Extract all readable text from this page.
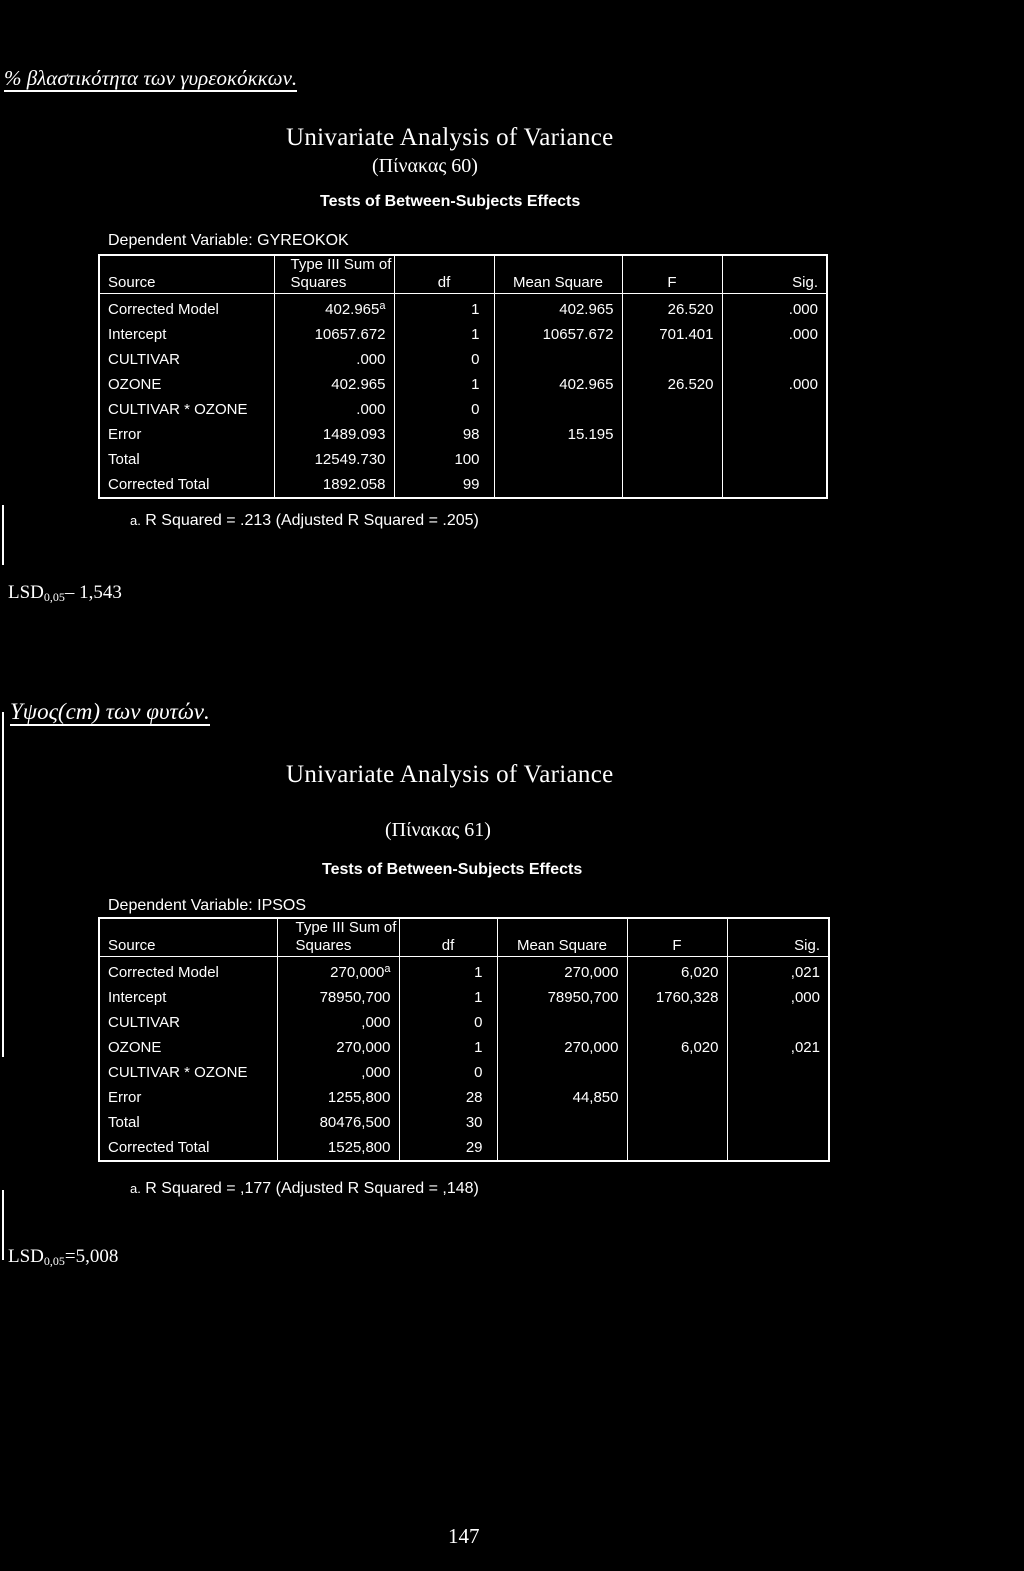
% βλαστικότητα των γυρεοκόκκων.
Univariate Analysis of Variance
(Πίνακας 60)
Tests of Between-Subjects Effects
Dependent Variable: GYREOKOK
Source	Type III Sum of Squares	df	Mean Square	F	Sig.
Corrected Model	402.965$^a$	1	402.965	26.520	.000
Intercept	10657.672	1	10657.672	701.401	.000
CULTIVAR	.000	0			
OZONE	402.965	1	402.965	26.520	.000
CULTIVAR * OZONE	.000	0			
Error	1489.093	98	15.195		
Total	12549.730	100			
Corrected Total	1892.058	99			
a. R Squared = .213 (Adjusted R Squared = .205)
$LSD_{0,05}-$ 1,543
Υψος(cm) των φυτών.
Univariate Analysis of Variance
(Πίνακας 61)
Tests of Between-Subjects Effects
Dependent Variable: IPSOS
Source	Type III Sum of Squares	df	Mean Square	F	Sig.
Corrected Model	270,000$^a$	1	270,000	6,020	,021
Intercept	78950,700	1	78950,700	1760,328	,000
CULTIVAR	,000	0			
OZONE	270,000	1	270,000	6,020	,021
CULTIVAR * OZONE	,000	0			
Error	1255,800	28	44,850		
Total	80476,500	30			
Corrected Total	1525,800	29			
a. R Squared = ,177 (Adjusted R Squared = ,148)
$LSD_{0,05}=5,008$
147
